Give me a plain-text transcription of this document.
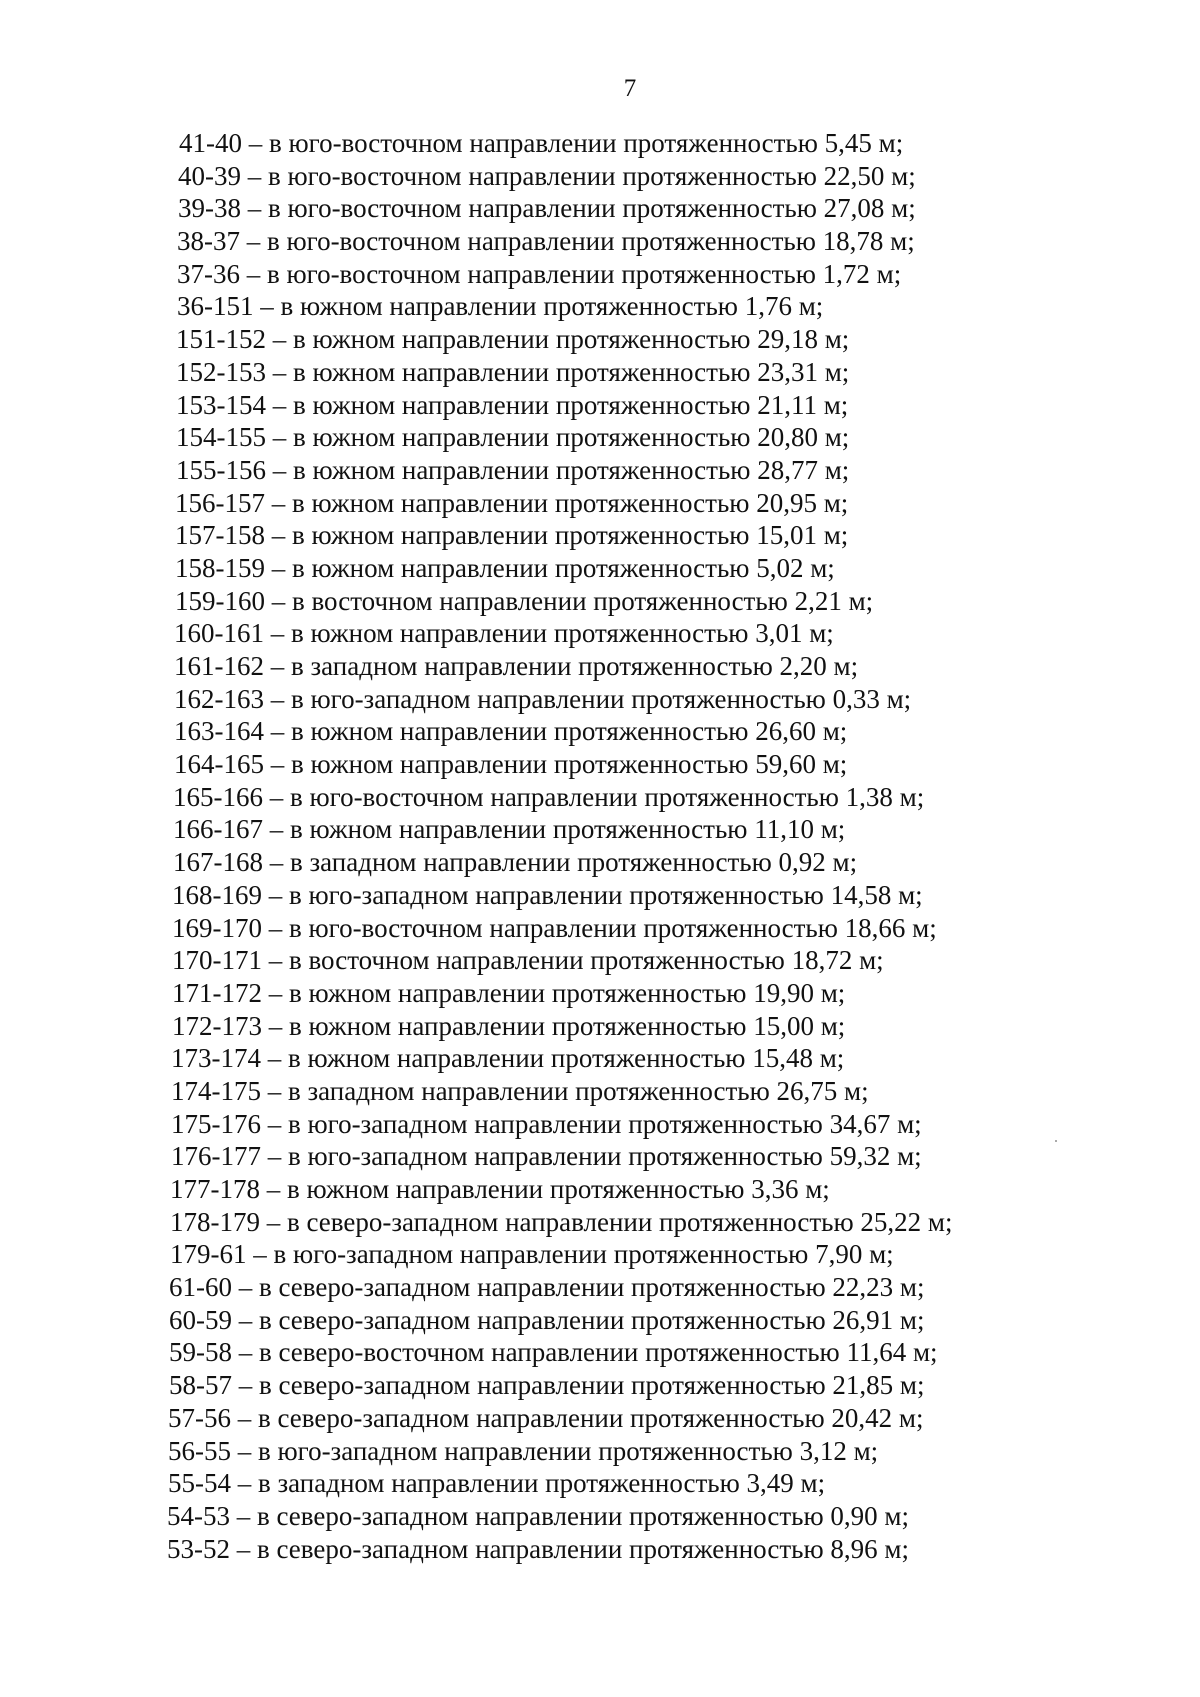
7
41-40 – в юго-восточном направлении протяженностью 5,45 м;
40-39 – в юго-восточном направлении протяженностью 22,50 м;
39-38 – в юго-восточном направлении протяженностью 27,08 м;
38-37 – в юго-восточном направлении протяженностью 18,78 м;
37-36 – в юго-восточном направлении протяженностью 1,72 м;
36-151 – в южном направлении протяженностью 1,76 м;
151-152 – в южном направлении протяженностью 29,18 м;
152-153 – в южном направлении протяженностью 23,31 м;
153-154 – в южном направлении протяженностью 21,11 м;
154-155 – в южном направлении протяженностью 20,80 м;
155-156 – в южном направлении протяженностью 28,77 м;
156-157 – в южном направлении протяженностью 20,95 м;
157-158 – в южном направлении протяженностью 15,01 м;
158-159 – в южном направлении протяженностью 5,02 м;
159-160 – в восточном направлении протяженностью 2,21 м;
160-161 – в южном направлении протяженностью 3,01 м;
161-162 – в западном направлении протяженностью 2,20 м;
162-163 – в юго-западном направлении протяженностью 0,33 м;
163-164 – в южном направлении протяженностью 26,60 м;
164-165 – в южном направлении протяженностью 59,60 м;
165-166 – в юго-восточном направлении протяженностью 1,38 м;
166-167 – в южном направлении протяженностью 11,10 м;
167-168 – в западном направлении протяженностью 0,92 м;
168-169 – в юго-западном направлении протяженностью 14,58 м;
169-170 – в юго-восточном направлении протяженностью 18,66 м;
170-171 – в восточном направлении протяженностью 18,72 м;
171-172 – в южном направлении протяженностью 19,90 м;
172-173 – в южном направлении протяженностью 15,00 м;
173-174 – в южном направлении протяженностью 15,48 м;
174-175 – в западном направлении протяженностью 26,75 м;
175-176 – в юго-западном направлении протяженностью 34,67 м;
176-177 – в юго-западном направлении протяженностью 59,32 м;
177-178 – в южном направлении протяженностью 3,36 м;
178-179 – в северо-западном направлении протяженностью 25,22 м;
179-61 – в юго-западном направлении протяженностью 7,90 м;
61-60 – в северо-западном направлении протяженностью 22,23 м;
60-59 – в северо-западном направлении протяженностью 26,91 м;
59-58 – в северо-восточном направлении протяженностью 11,64 м;
58-57 – в северо-западном направлении протяженностью 21,85 м;
57-56 – в северо-западном направлении протяженностью 20,42 м;
56-55 – в юго-западном направлении протяженностью 3,12 м;
55-54 – в западном направлении протяженностью 3,49 м;
54-53 – в северо-западном направлении протяженностью 0,90 м;
53-52 – в северо-западном направлении протяженностью 8,96 м;
